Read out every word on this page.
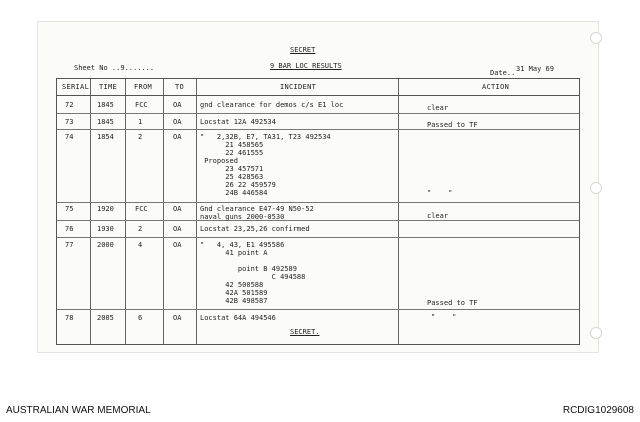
SECRET
Sheet No ..9.......	9 BAR LOC RESULTS
Date.. 31 May 69
SERIAL TIME FROM	TO	INCIDENT	ACTION
72	1845	FCC	OA	gnd clearance for demos c/s E1 loc	clear
73	1845	1	OA	Locstat 12A 492534	Passed to TF
74	1854	2	OA	"   2,32B, E7, TA31, T23 492534
21 458565
22 461555
Proposed
23 457571
25 428563
26 22 459579
24B 446584	"    "
75	1920	FCC	OA	Gnd clearance E47-49 N50-52
naval guns 2000-0530	clear
76	1930	2	OA	Locstat 23,25,26 confirmed
77	2000	4	OA	"   4, 43, E1 495586
41 point A

point B 492589
C 494588
42 500588
42A 501589
42B 498587	Passed to TF
78	2005	6	OA	Locstat 64A 494546	"    "
SECRET.
AUSTRALIAN WAR MEMORIAL	RCDIG1029608
